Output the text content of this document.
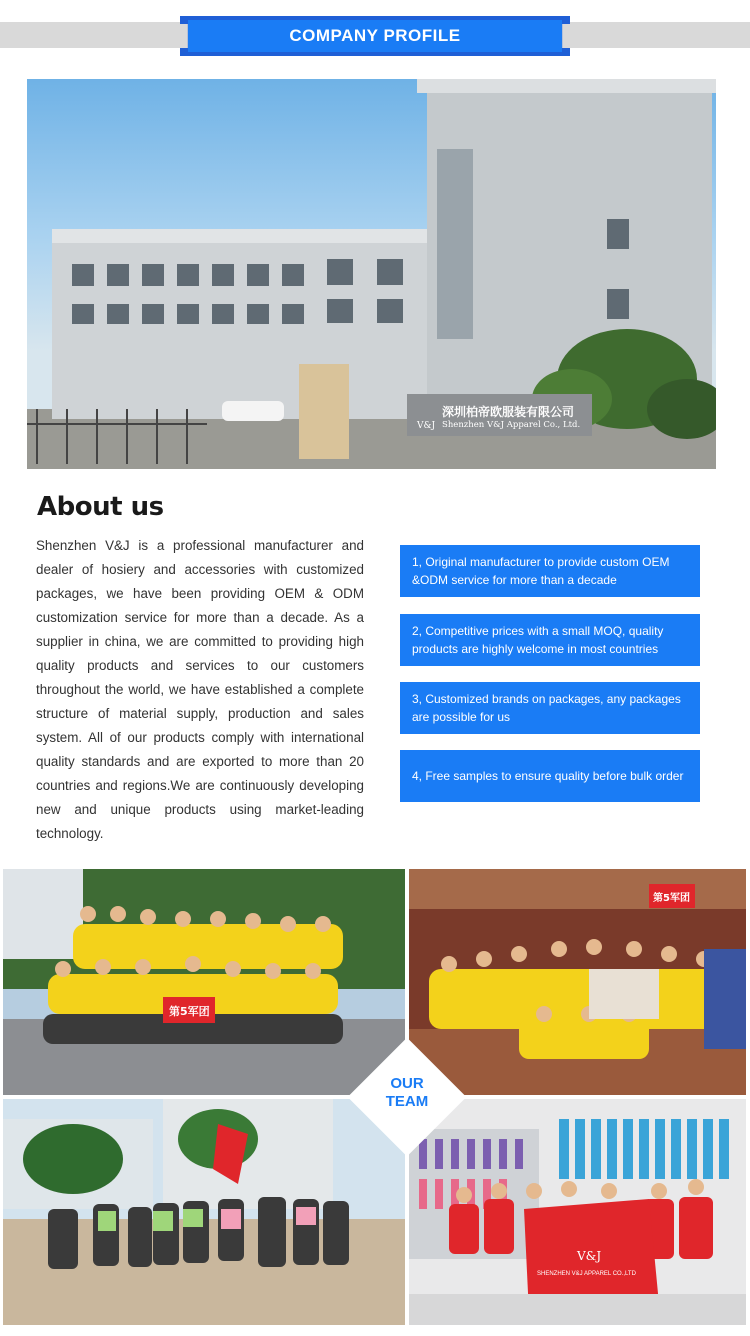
COMPANY PROFILE
V&J
深圳柏帝欧服装有限公司
Shenzhen V&J Apparel Co., Ltd.
About us
Shenzhen V&J is a professional manufacturer and dealer of hosiery and accessories with customized packages, we have been providing OEM & ODM customization service for more than a decade. As a supplier in china, we are committed to providing high quality products and services to our customers throughout the world, we have established a complete structure of material supply, production and sales system. All of our products comply with international quality standards and are exported to more than 20 countries and regions.We are continuously developing new and unique products using market-leading technology.
1, Original manufacturer to provide custom OEM &ODM service for more than a decade
2, Competitive prices with a small MOQ, quality products are highly welcome in most countries
3, Customized brands on packages, any packages are possible for us
4, Free samples to ensure quality before bulk order
第5军团
第5军团
V&J
SHENZHEN V&J APPAREL CO.,LTD
OUR
TEAM
